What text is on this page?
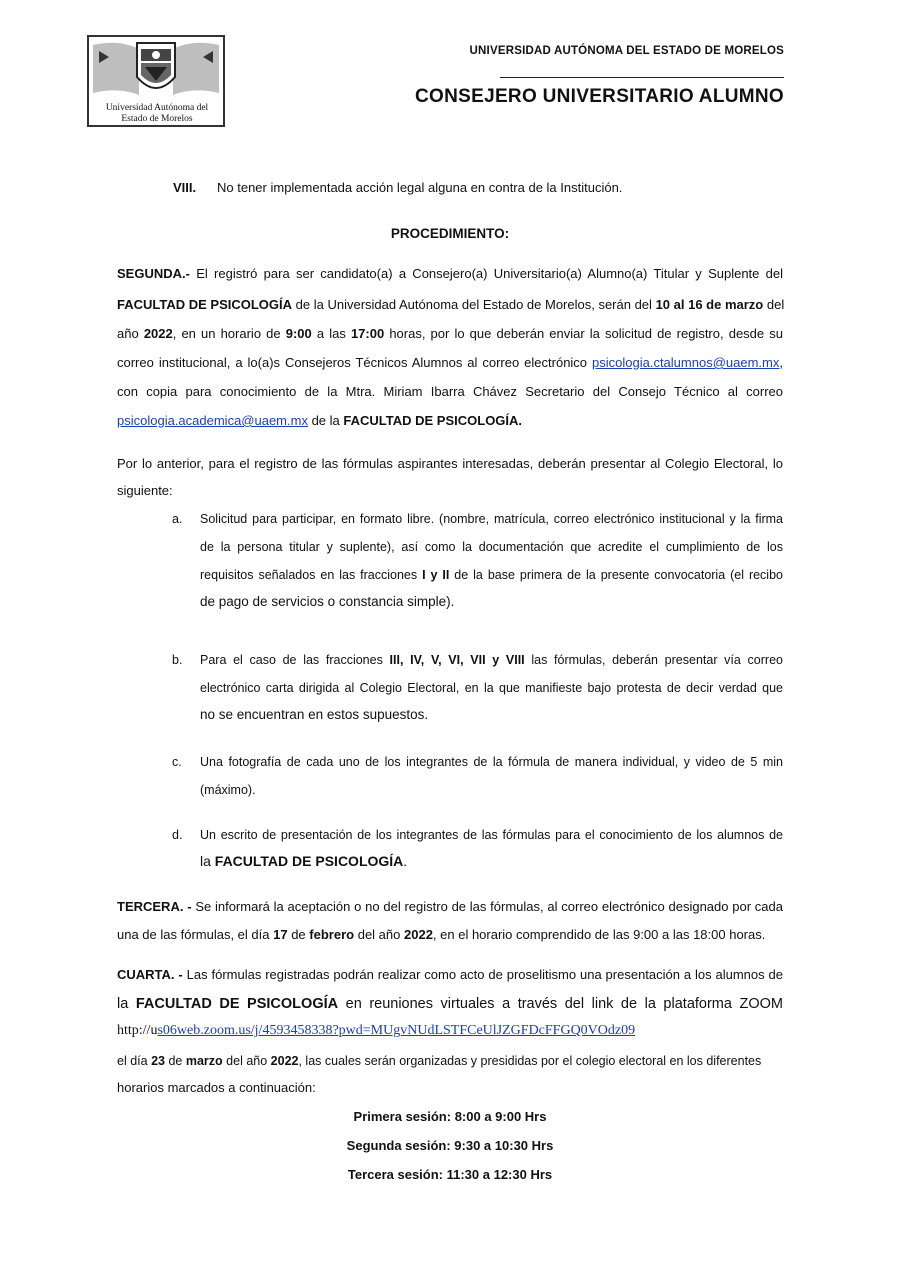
Universidad Autónoma del
Estado de Morelos
UNIVERSIDAD AUTÓNOMA DEL ESTADO DE MORELOS
CONSEJERO UNIVERSITARIO ALUMNO
VIII. No tener implementada acción legal alguna en contra de la Institución.
PROCEDIMIENTO:
SEGUNDA.- El registró para ser candidato(a) a Consejero(a) Universitario(a) Alumno(a) Titular y Suplente del
FACULTAD DE PSICOLOGÍA de la Universidad Autónoma del Estado de Morelos, serán del 10 al 16 de marzo del
año 2022, en un horario de 9:00 a las 17:00 horas, por lo que deberán enviar la solicitud de registro, desde su
correo institucional, a lo(a)s Consejeros Técnicos Alumnos al correo electrónico psicologia.ctalumnos@uaem.mx,
con copia para conocimiento de la Mtra. Miriam Ibarra Chávez Secretario del Consejo Técnico al correo
psicologia.academica@uaem.mx de la FACULTAD DE PSICOLOGÍA.
Por lo anterior, para el registro de las fórmulas aspirantes interesadas, deberán presentar al Colegio Electoral, lo
siguiente:
a. Solicitud para participar, en formato libre. (nombre, matrícula, correo electrónico institucional y la firma
de la persona titular y suplente), así como la documentación que acredite el cumplimiento de los
requisitos señalados en las fracciones I y II de la base primera de la presente convocatoria (el recibo
de pago de servicios o constancia simple).
b. Para el caso de las fracciones III, IV, V, VI, VII y VIII las fórmulas, deberán presentar vía correo
electrónico carta dirigida al Colegio Electoral, en la que manifieste bajo protesta de decir verdad que
no se encuentran en estos supuestos.
c. Una fotografía de cada uno de los integrantes de la fórmula de manera individual, y video de 5 min
(máximo).
d. Un escrito de presentación de los integrantes de las fórmulas para el conocimiento de los alumnos de
la FACULTAD DE PSICOLOGÍA.
TERCERA. - Se informará la aceptación o no del registro de las fórmulas, al correo electrónico designado por cada
una de las fórmulas, el día 17 de febrero del año 2022, en el horario comprendido de las 9:00 a las 18:00 horas.
CUARTA. - Las fórmulas registradas podrán realizar como acto de proselitismo una presentación a los alumnos de
la FACULTAD DE PSICOLOGÍA en reuniones virtuales a través del link de la plataforma ZOOM
http://us06web.zoom.us/j/4593458338?pwd=MUgvNUdLSTFCeUlJZGFDcFFGQ0VOdz09
el día 23 de marzo del año 2022, las cuales serán organizadas y presididas por el colegio electoral en los diferentes
horarios marcados a continuación:
Primera sesión: 8:00 a 9:00 Hrs
Segunda sesión: 9:30 a 10:30 Hrs
Tercera sesión: 11:30 a 12:30 Hrs
